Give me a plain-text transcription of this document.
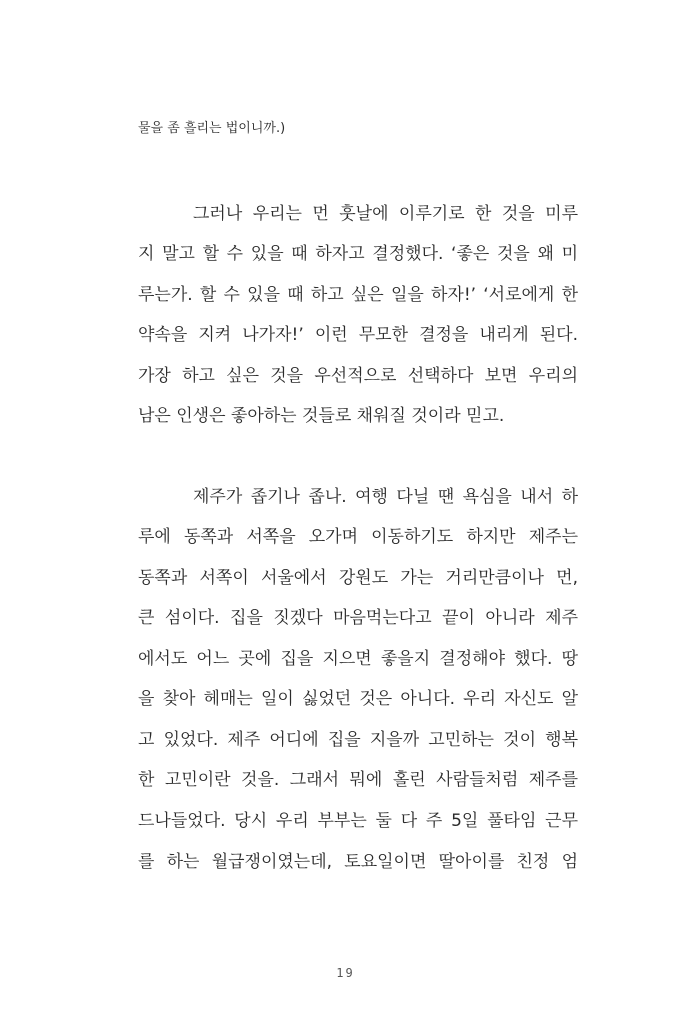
물을 좀 흘리는 법이니까.)
그러나 우리는 먼 훗날에 이루기로 한 것을 미루
지 말고 할 수 있을 때 하자고 결정했다. ‘좋은 것을 왜 미
루는가. 할 수 있을 때 하고 싶은 일을 하자!’ ‘서로에게 한
약속을 지켜 나가자!’ 이런 무모한 결정을 내리게 된다.
가장 하고 싶은 것을 우선적으로 선택하다 보면 우리의
남은 인생은 좋아하는 것들로 채워질 것이라 믿고.
제주가 좁기나 좁나. 여행 다닐 땐 욕심을 내서 하
루에 동쪽과 서쪽을 오가며 이동하기도 하지만 제주는
동쪽과 서쪽이 서울에서 강원도 가는 거리만큼이나 먼,
큰 섬이다. 집을 짓겠다 마음먹는다고 끝이 아니라 제주
에서도 어느 곳에 집을 지으면 좋을지 결정해야 했다. 땅
을 찾아 헤매는 일이 싫었던 것은 아니다. 우리 자신도 알
고 있었다. 제주 어디에 집을 지을까 고민하는 것이 행복
한 고민이란 것을. 그래서 뭐에 홀린 사람들처럼 제주를
드나들었다. 당시 우리 부부는 둘 다 주 5일 풀타임 근무
를 하는 월급쟁이였는데, 토요일이면 딸아이를 친정 엄
19
